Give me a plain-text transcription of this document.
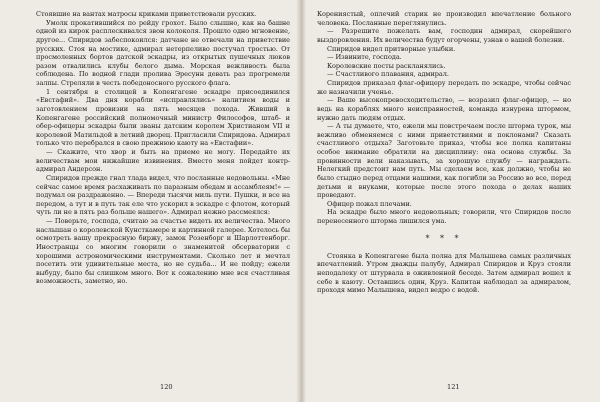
Стоявшие на вантах матросы криками приветствовали русских.

Умолк прокатившийся по рейду грохот. Было слышно, как на башне одной из кирок расплескивался звон колоколя. Прошло одно мгновение, другое... Спиридов забеспокоился: датчане не отвечали на приветствие русских. Стоя на мостике, адмирал нетерпеливо постучал тростью. От просмоленных бортов датской эскадры, из открытых пушечных люков разом отвалились клубы белого дыма. Морская вежливость была соблюдена. По водной глади пролива Эресунн девать раз прогремели залпы. Стреляли в честь победоносного русского флага.

1 сентября в столицей в Копенгагене эскадре присоединился «Евстафий». Два дня корабли «исправлялись» налитием воды и заготовлением провизии на пять месяцев похода. Живший в Копенгагене российский полномочный министр Философов, штаб- и обер-офицеры эскадры были званы датским королем Христианом VII и королевой Матильдой в летний дворец. Пригласили Спиридова. Адмирал только что перебрался в свою прежнюю каюту на «Евстафии».

— Скажите, что хвор и быть на приеме не могу. Передайте их величествам мои нижайшие извинения. Вместо меня пойдет контр-адмирал Андерсон.

Спиридов прежде гнал тлада видел, что посланные недовольны. «Мне сейчас самое время расхаживать по паразным обедам и ассамблеям!» — подумал он раздраженно. — Впереди тысячи миль пути. Пушки, и все на передом, а тут и в путь так еле что ускорил в эскадре с флотом, который чуть ли не в пять раз больше нашего». Адмирал нежно рассмеялся:

— Поверьте, господа, считаю за счастье видеть их величества. Много наслышан о королевской Кунсткамере и картинной галерее. Хотелось бы осмотреть вашу прекрасную биржу, замок Розенборг и Шарлоттенборг. Иностранцы со многим говорили о знаменитой обсерватории с хорошими астрономическими инструментами. Сколько лет и мечтал посетить эти удивительные места, но не судьба... И не пойду; ежели выбуду, было бы слишком много. Вот к сожалению мне вся счастливая возможность, заметно, но.

120

Корениястый, оплечий старик не производил впечатление больного человека. Посланные переглянулись.

— Разрешите пожелать вам, господин адмирал, скорейшего выздоровления. Их величества будут огорчены, узнав о вашей болезни.

Спиридов видел притворные улыбки.

— Извините, господа.

Королевские посты раскланялись.

— Счастливого плавания, адмирал.

Спиридов приказал флаг-офицеру передать по эскадре, чтобы сейчас же назначили ученье.

— Ваше высокопревосходительство, — возразил флаг-офицер, — но ведь на кораблях много неисправностей, команда изнурена штормом, нужно дать людям отдых.

— А ты думаете, что, ежели мы повстречаем после шторма турок, мы вежливо обменяемся с ними приветствиями и поклонами? Сказать счастливого отдыха? Заготовьте приказ, чтобы все полка капитаны особое внимание обратили на дисциплину: она основа службы. За провинности вели наказывать, за хорошую службу — награждать. Нелегкий предстоит нам путь. Мы сделаем все, как должно, чтобы не было стыдно перед отцами нашими, как погибли за Россию во все, перед детьми и внуками, которые после этого похода о делах наших проведают.

Офицер пожал плечами.

На эскадре было много недовольных; говорили, что Спиридов после перенесенного шторма лишился ума.

* * *

Стоянка в Копенгагене была полна для Малышева самых различных впечатлений. Утром дважды палубу, Адмирал Спиридов и Круз стояли неподалеку от штурвала в оживленной беседе. Затем адмирал вошел к себе в каюту. Оставшись один, Круз. Капитан наблюдал за адмиралом, проходя мимо Малышева, видел ведро с водой.

121
